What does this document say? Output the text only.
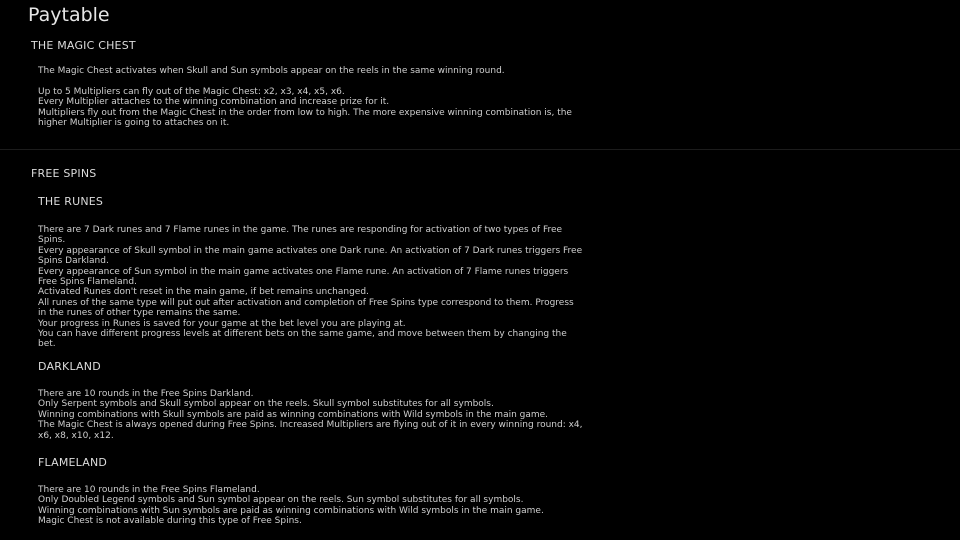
Paytable
THE MAGIC CHEST
The Magic Chest activates when Skull and Sun symbols appear on the reels in the same winning round.
Up to 5 Multipliers can fly out of the Magic Chest: x2, x3, x4, x5, x6.
Every Multiplier attaches to the winning combination and increase prize for it.
Multipliers fly out from the Magic Chest in the order from low to high. The more expensive winning combination is, the
higher Multiplier is going to attaches on it.
FREE SPINS
THE RUNES
There are 7 Dark runes and 7 Flame runes in the game. The runes are responding for activation of two types of Free
Spins.
Every appearance of Skull symbol in the main game activates one Dark rune. An activation of 7 Dark runes triggers Free
Spins Darkland.
Every appearance of Sun symbol in the main game activates one Flame rune. An activation of 7 Flame runes triggers
Free Spins Flameland.
Activated Runes don't reset in the main game, if bet remains unchanged.
All runes of the same type will put out after activation and completion of Free Spins type correspond to them. Progress
in the runes of other type remains the same.
Your progress in Runes is saved for your game at the bet level you are playing at.
You can have different progress levels at different bets on the same game, and move between them by changing the
bet.
DARKLAND
There are 10 rounds in the Free Spins Darkland.
Only Serpent symbols and Skull symbol appear on the reels. Skull symbol substitutes for all symbols.
Winning combinations with Skull symbols are paid as winning combinations with Wild symbols in the main game.
The Magic Chest is always opened during Free Spins. Increased Multipliers are flying out of it in every winning round: x4,
x6, x8, x10, x12.
FLAMELAND
There are 10 rounds in the Free Spins Flameland.
Only Doubled Legend symbols and Sun symbol appear on the reels. Sun symbol substitutes for all symbols.
Winning combinations with Sun symbols are paid as winning combinations with Wild symbols in the main game.
Magic Chest is not available during this type of Free Spins.
